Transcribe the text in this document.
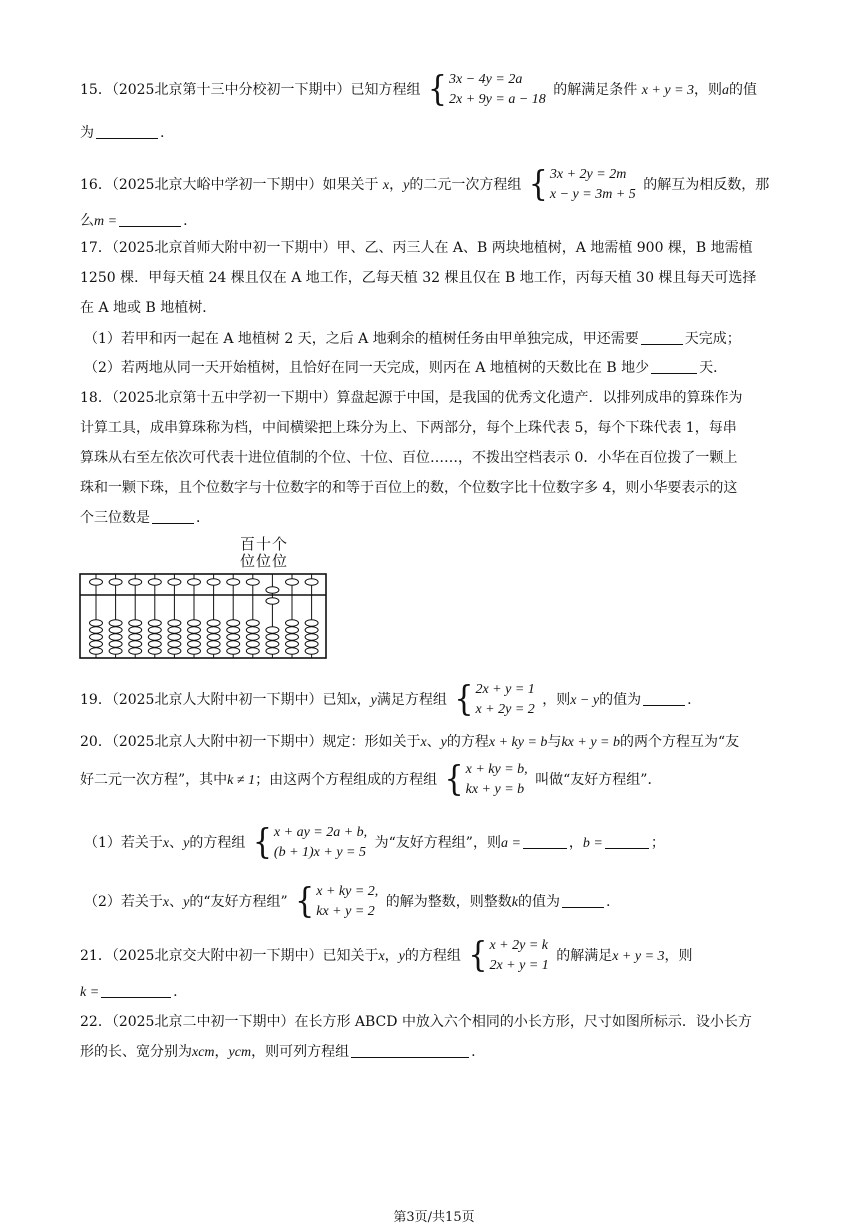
15．（2025北京第十三中分校初一下期中）已知方程组 { 3x − 4y = 2a
2x + 9y = a − 18
的解满足条件 x + y = 3，则a的值
为	.
16．（2025北京大峪中学初一下期中）如果关于 x，y的二元一次方程组 { 3x + 2y = 2m
x − y = 3m + 5
的解互为相反数，那
么m =	.
17．（2025北京首师大附中初一下期中）甲、乙、丙三人在 A、B 两块地植树，A 地需植 900 棵，B 地需植
1250 棵．甲每天植 24 棵且仅在 A 地工作，乙每天植 32 棵且仅在 B 地工作，丙每天植 30 棵且每天可选择
在 A 地或 B 地植树．
（1）若甲和丙一起在 A 地植树 2 天，之后 A 地剩余的植树任务由甲单独完成，甲还需要	天完成；
（2）若两地从同一天开始植树，且恰好在同一天完成，则丙在 A 地植树的天数比在 B 地少	天．
18．（2025北京第十五中学初一下期中）算盘起源于中国，是我国的优秀文化遗产．以排列成串的算珠作为
计算工具，成串算珠称为档，中间横梁把上珠分为上、下两部分，每个上珠代表 5，每个下珠代表 1，每串
算珠从右至左依次可代表十进位值制的个位、十位、百位……，不拨出空档表示 0．小华在百位拨了一颗上
珠和一颗下珠，且个位数字与十位数字的和等于百位上的数，个位数字比十位数字多 4，则小华要表示的这
个三位数是	．
百十个
位位位
19．（2025北京人大附中初一下期中）已知x，y满足方程组 { 2x + y = 1
x + 2y = 2
，则x − y的值为	.
20．（2025北京人大附中初一下期中）规定：形如关于x、y的方程x + ky = b与kx + y = b的两个方程互为“友
好二元一次方程”，其中k ≠ 1；由这两个方程组成的方程组 { x + ky = b,
kx + y = b
叫做“友好方程组”．
（1）若关于x、y的方程组 { x + ay = 2a + b,
(b + 1)x + y = 5
为“友好方程组”，则a =	，b =	；
（2）若关于x、y的“友好方程组” { x + ky = 2,
kx + y = 2
的解为整数，则整数k的值为	.
21．（2025北京交大附中初一下期中）已知关于x，y的方程组 { x + 2y = k
2x + y = 1
的解满足x + y = 3，则
k =	.
22．（2025北京二中初一下期中）在长方形 ABCD 中放入六个相同的小长方形，尺寸如图所标示．设小长方
形的长、宽分别为xcm，ycm，则可列方程组	.
第3页/共15页
